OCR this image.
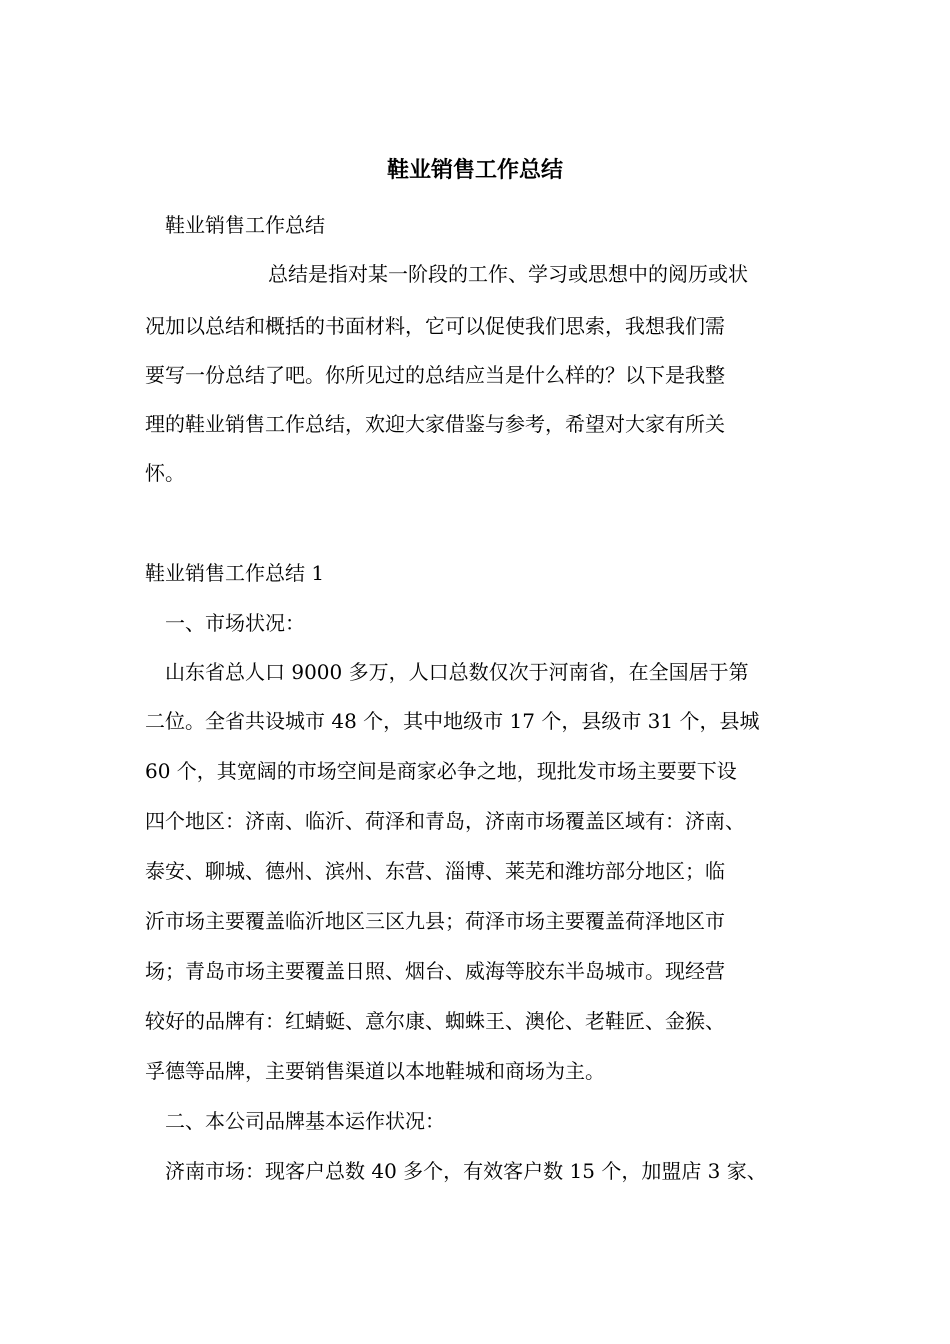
鞋业销售工作总结
鞋业销售工作总结
总结是指对某一阶段的工作、学习或思想中的阅历或状
况加以总结和概括的书面材料，它可以促使我们思索，我想我们需
要写一份总结了吧。你所见过的总结应当是什么样的？以下是我整
理的鞋业销售工作总结，欢迎大家借鉴与参考，希望对大家有所关
怀。
鞋业销售工作总结 1
一、市场状况：
山东省总人口 9000 多万，人口总数仅次于河南省，在全国居于第
二位。全省共设城市 48 个，其中地级市 17 个，县级市 31 个，县城
60 个，其宽阔的市场空间是商家必争之地，现批发市场主要要下设
四个地区：济南、临沂、荷泽和青岛，济南市场覆盖区域有：济南、
泰安、聊城、德州、滨州、东营、淄博、莱芜和潍坊部分地区；临
沂市场主要覆盖临沂地区三区九县；荷泽市场主要覆盖荷泽地区市
场；青岛市场主要覆盖日照、烟台、威海等胶东半岛城市。现经营
较好的品牌有：红蜻蜓、意尔康、蜘蛛王、澳伦、老鞋匠、金猴、
孚德等品牌，主要销售渠道以本地鞋城和商场为主。
二、本公司品牌基本运作状况：
济南市场：现客户总数 40 多个，有效客户数 15 个，加盟店 3 家、
